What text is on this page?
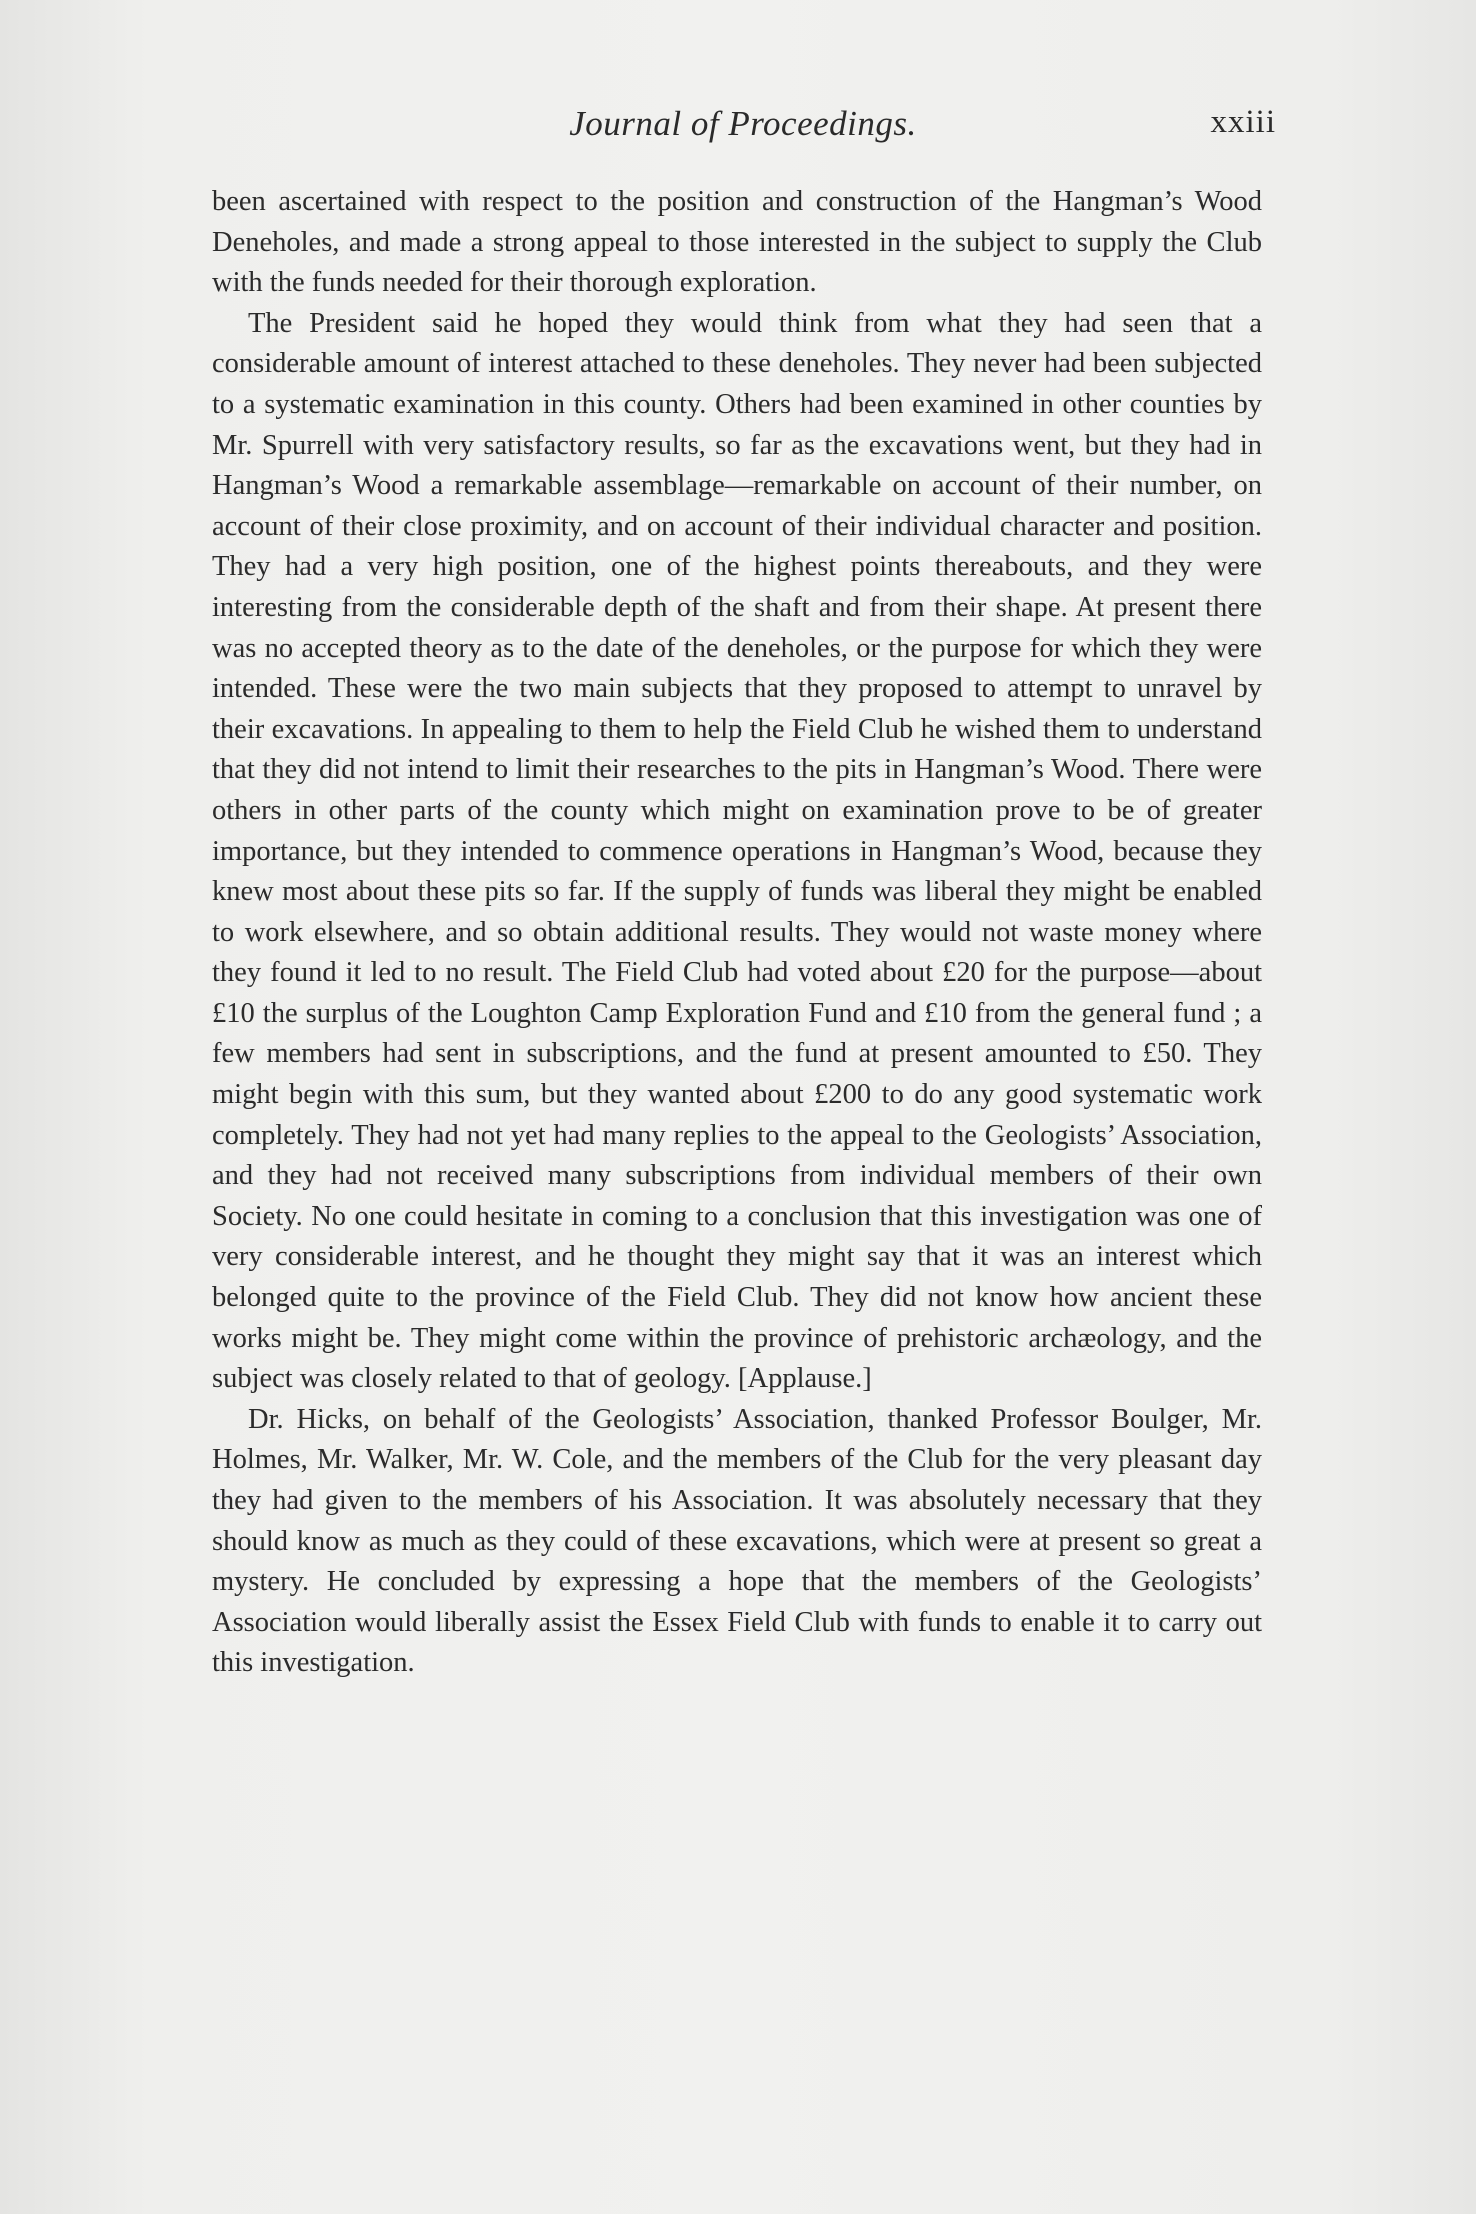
Journal of Proceedings.	xxiii

been ascertained with respect to the position and construction of the Hangman’s Wood Deneholes, and made a strong appeal to those interested in the subject to supply the Club with the funds needed for their thorough exploration.

The President said he hoped they would think from what they had seen that a considerable amount of interest attached to these deneholes. They never had been subjected to a systematic examination in this county. Others had been examined in other counties by Mr. Spurrell with very satisfactory results, so far as the excavations went, but they had in Hangman’s Wood a remarkable assemblage—remarkable on account of their number, on account of their close proximity, and on account of their individual character and position. They had a very high position, one of the highest points thereabouts, and they were interesting from the considerable depth of the shaft and from their shape. At present there was no accepted theory as to the date of the deneholes, or the purpose for which they were intended. These were the two main subjects that they proposed to attempt to unravel by their excavations. In appealing to them to help the Field Club he wished them to understand that they did not intend to limit their researches to the pits in Hangman’s Wood. There were others in other parts of the county which might on examination prove to be of greater importance, but they intended to commence operations in Hangman’s Wood, because they knew most about these pits so far. If the supply of funds was liberal they might be enabled to work elsewhere, and so obtain additional results. They would not waste money where they found it led to no result. The Field Club had voted about £20 for the purpose—about £10 the surplus of the Loughton Camp Exploration Fund and £10 from the general fund ; a few members had sent in subscriptions, and the fund at present amounted to £50. They might begin with this sum, but they wanted about £200 to do any good systematic work completely. They had not yet had many replies to the appeal to the Geologists’ Association, and they had not received many subscriptions from individual members of their own Society. No one could hesitate in coming to a conclusion that this investigation was one of very considerable interest, and he thought they might say that it was an interest which belonged quite to the province of the Field Club. They did not know how ancient these works might be. They might come within the province of prehistoric archæology, and the subject was closely related to that of geology. [Applause.]

Dr. Hicks, on behalf of the Geologists’ Association, thanked Professor Boulger, Mr. Holmes, Mr. Walker, Mr. W. Cole, and the members of the Club for the very pleasant day they had given to the members of his Association. It was absolutely necessary that they should know as much as they could of these excavations, which were at present so great a mystery. He concluded by expressing a hope that the members of the Geologists’ Association would liberally assist the Essex Field Club with funds to enable it to carry out this investigation.
